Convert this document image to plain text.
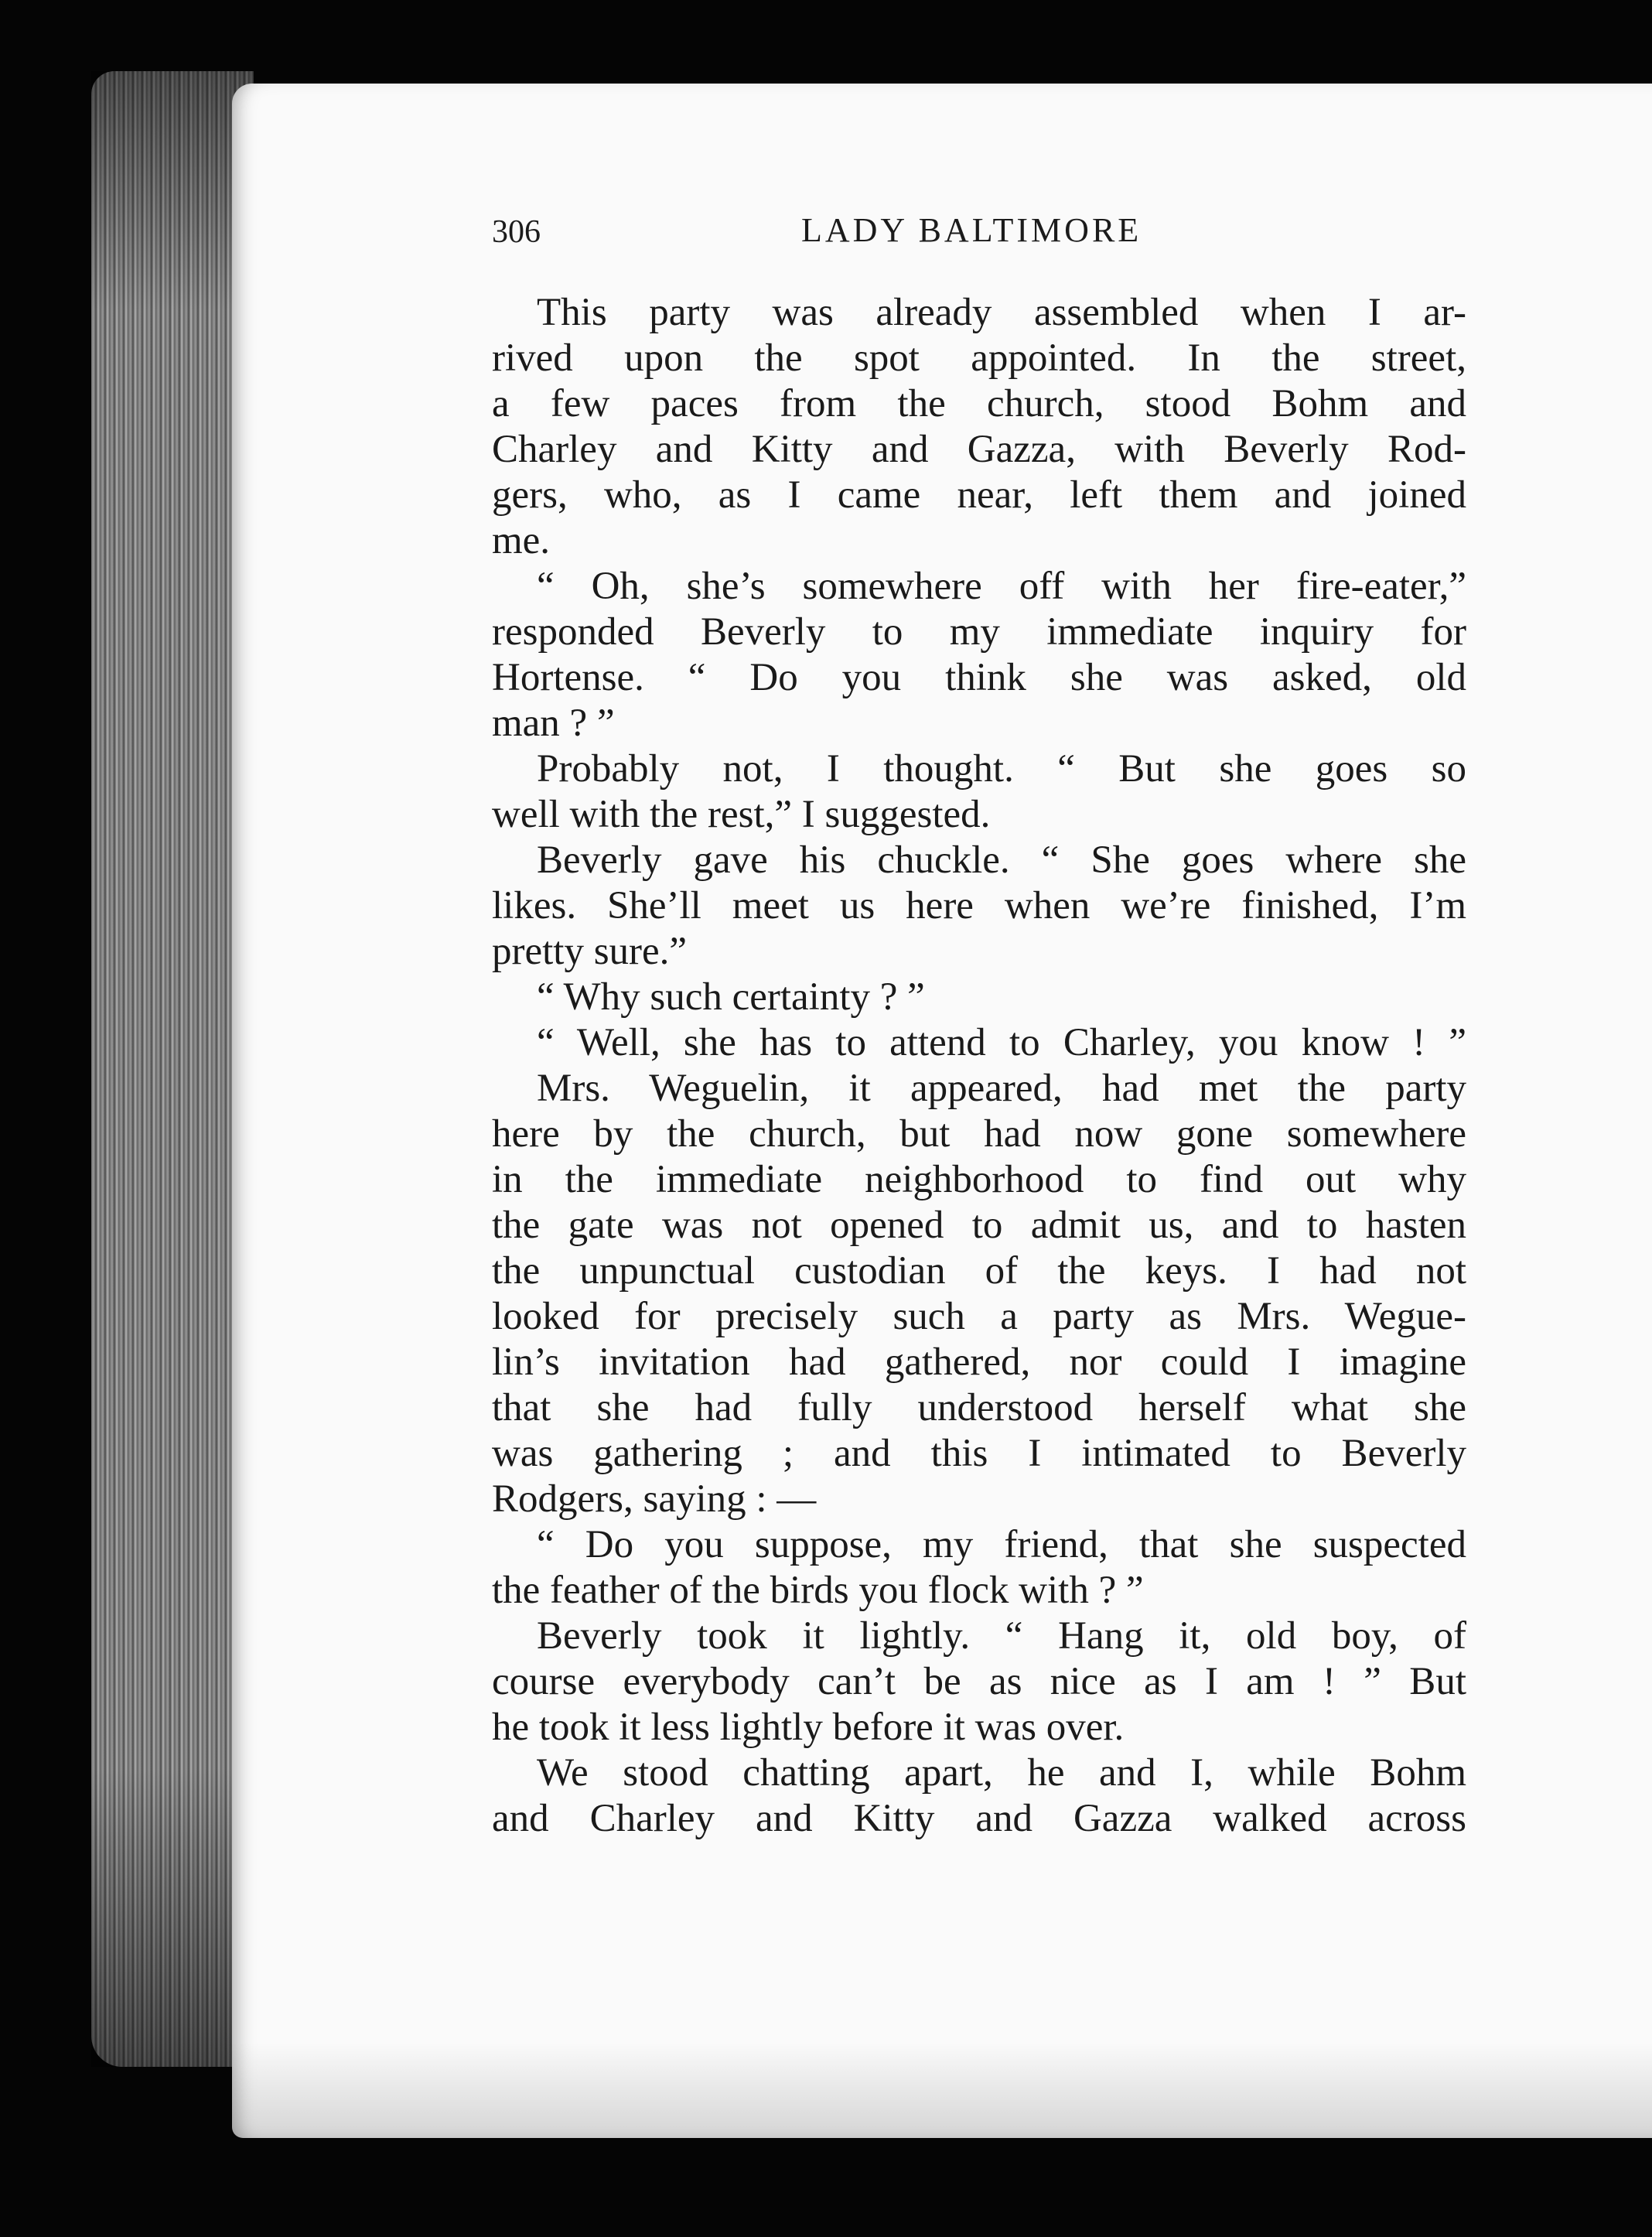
306	LADY BALTIMORE
This party was already assembled when I ar-
rived upon the spot appointed. In the street,
a few paces from the church, stood Bohm and
Charley and Kitty and Gazza, with Beverly Rod-
gers, who, as I came near, left them and joined
me.
“ Oh, she’s somewhere off with her fire-eater,”
responded Beverly to my immediate inquiry for
Hortense. “ Do you think she was asked, old
man ? ”
Probably not, I thought. “ But she goes so
well with the rest,” I suggested.
Beverly gave his chuckle. “ She goes where she
likes. She’ll meet us here when we’re finished, I’m
pretty sure.”
“ Why such certainty ? ”
“ Well, she has to attend to Charley, you know ! ”
Mrs. Weguelin, it appeared, had met the party
here by the church, but had now gone somewhere
in the immediate neighborhood to find out why
the gate was not opened to admit us, and to hasten
the unpunctual custodian of the keys. I had not
looked for precisely such a party as Mrs. Wegue-
lin’s invitation had gathered, nor could I imagine
that she had fully understood herself what she
was gathering ; and this I intimated to Beverly
Rodgers, saying : —
“ Do you suppose, my friend, that she suspected
the feather of the birds you flock with ? ”
Beverly took it lightly. “ Hang it, old boy, of
course everybody can’t be as nice as I am ! ” But
he took it less lightly before it was over.
We stood chatting apart, he and I, while Bohm
and Charley and Kitty and Gazza walked across
